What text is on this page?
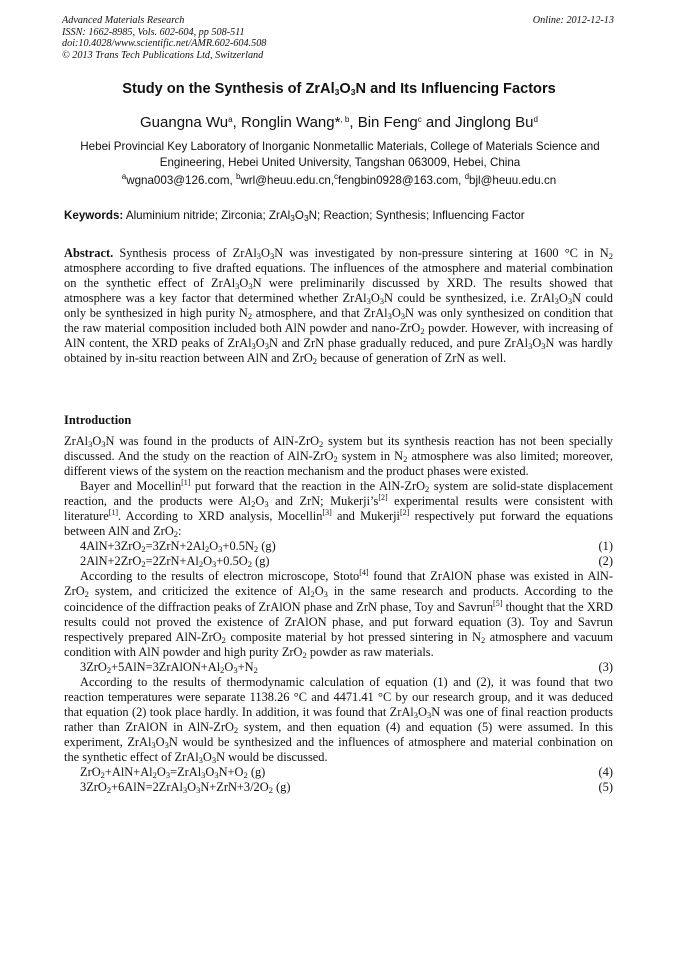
Advanced Materials Research
ISSN: 1662-8985, Vols. 602-604, pp 508-511
doi:10.4028/www.scientific.net/AMR.602-604.508
© 2013 Trans Tech Publications Ltd, Switzerland
Online: 2012-12-13
Study on the Synthesis of $ZrAl_3O_3N$ and Its Influencing Factors
Guangna Wu$^a$, Ronglin Wang*$^{, b}$, Bin Feng$^c$ and Jinglong Bu$^d$
Hebei Provincial Key Laboratory of Inorganic Nonmetallic Materials, College of Materials Science and Engineering, Hebei United University, Tangshan 063009, Hebei, China
$^a$wgna003@126.com, $^b$wrl@heuu.edu.cn,$^c$fengbin0928@163.com, $^d$bjl@heuu.edu.cn
Keywords: Aluminium nitride; Zirconia; $ZrAl_3O_3N$; Reaction; Synthesis; Influencing Factor

Abstract. Synthesis process of $ZrAl_3O_3N$ was investigated by non-pressure sintering at 1600 °C in $N_2$ atmosphere according to five drafted equations. The influences of the atmosphere and material combination on the synthetic effect of $ZrAl_3O_3N$ were preliminarily discussed by XRD. The results showed that atmosphere was a key factor that determined whether $ZrAl_3O_3N$ could be synthesized, i.e. $ZrAl_3O_3N$ could only be synthesized in high purity $N_2$ atmosphere, and that $ZrAl_3O_3N$ was only synthesized on condition that the raw material composition included both AlN powder and nano-ZrO$_2$ powder. However, with increasing of AlN content, the XRD peaks of $ZrAl_3O_3N$ and ZrN phase gradually reduced, and pure $ZrAl_3O_3N$ was hardly obtained by in-situ reaction between AlN and ZrO$_2$ because of generation of ZrN as well.

Introduction

$ZrAl_3O_3N$ was found in the products of AlN-ZrO$_2$ system but its synthesis reaction has not been specially discussed. And the study on the reaction of AlN-ZrO$_2$ system in $N_2$ atmosphere was also limited; moreover, different views of the system on the reaction mechanism and the product phases were existed.

Bayer and Mocellin[1] put forward that the reaction in the AlN-ZrO$_2$ system are solid-state displacement reaction, and the products were $Al_2O_3$ and ZrN; Mukerji’s[2] experimental results were consistent with literature[1]. According to XRD analysis, Mocellin[3] and Mukerji[2] respectively put forward the equations between AlN and ZrO$_2$:

$4AlN+3ZrO_2=3ZrN+2Al_2O_3+0.5N_2$ (g)	(1)
$2AlN+2ZrO_2=2ZrN+Al_2O_3+0.5O_2$ (g)	(2)

According to the results of electron microscope, Stoto[4] found that ZrAlON phase was existed in AlN-ZrO$_2$ system, and criticized the exitence of $Al_2O_3$ in the same research and products. According to the coincidence of the diffraction peaks of ZrAlON phase and ZrN phase, Toy and Savrun[5] thought that the XRD results could not proved the existence of ZrAlON phase, and put forward equation (3). Toy and Savrun respectively prepared AlN-ZrO$_2$ composite material by hot pressed sintering in $N_2$ atmosphere and vacuum condition with AlN powder and high purity ZrO$_2$ powder as raw materials.

$3ZrO_2+5AlN=3ZrAlON+Al_2O_3+N_2$	(3)

According to the results of thermodynamic calculation of equation (1) and (2), it was found that two reaction temperatures were separate 1138.26 °C and 4471.41 °C by our research group, and it was deduced that equation (2) took place hardly. In addition, it was found that $ZrAl_3O_3N$ was one of final reaction products rather than ZrAlON in AlN-ZrO$_2$ system, and then equation (4) and equation (5) were assumed. In this experiment, $ZrAl_3O_3N$ would be synthesized and the influences of atmosphere and material conbination on the synthetic effect of $ZrAl_3O_3N$ would be discussed.

$ZrO_2+AlN+Al_2O_3=ZrAl_3O_3N+O_2$ (g)	(4)
$3ZrO_2+6AlN=2ZrAl_3O_3N+ZrN+3/2O_2$ (g)	(5)
